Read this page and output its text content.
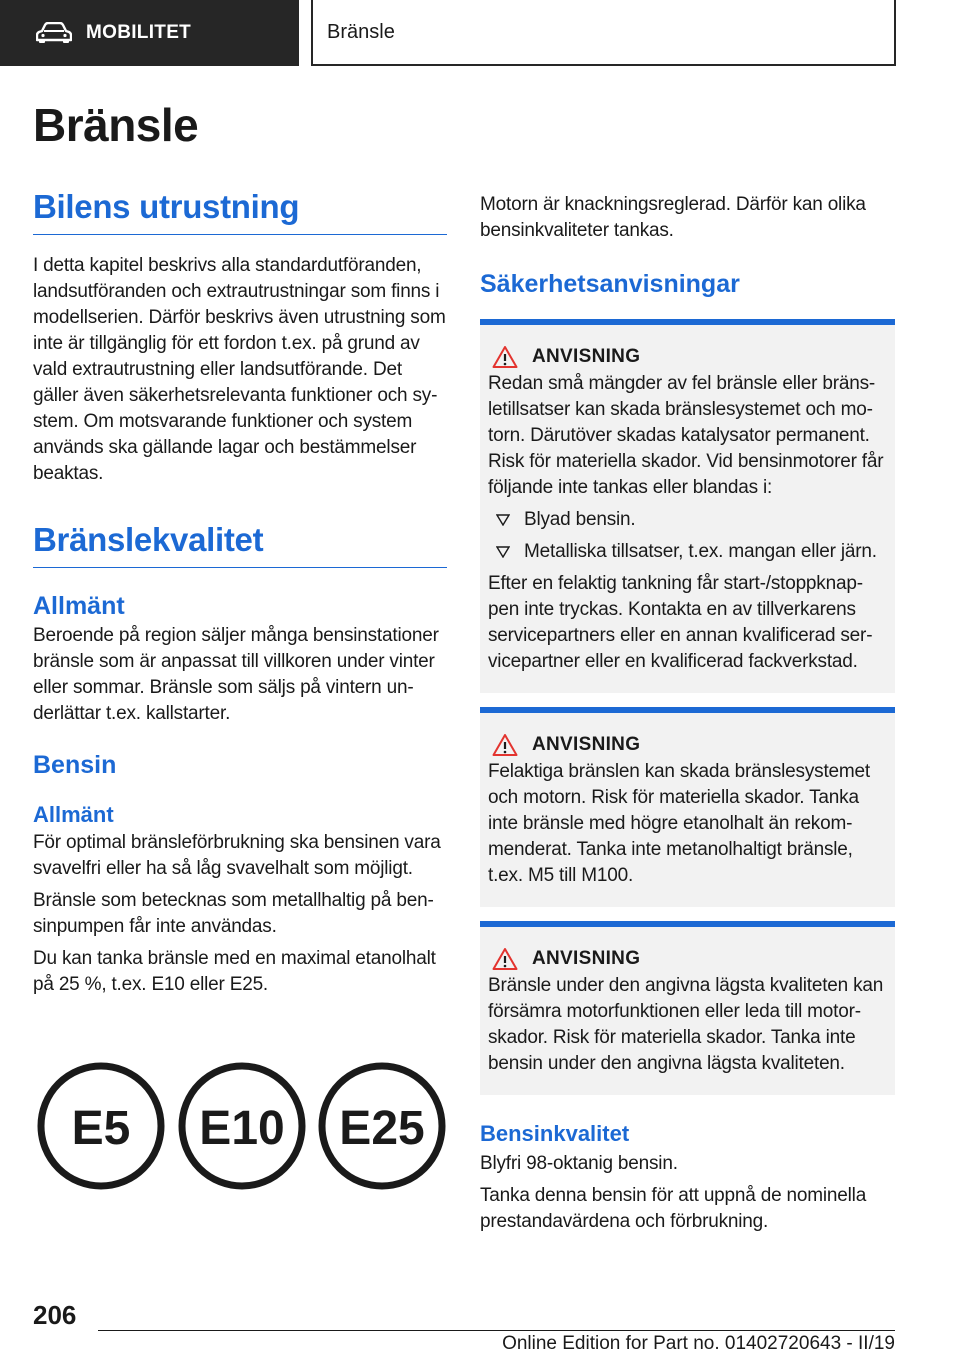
MOBILITET	Bränsle
Bränsle
Bilens utrustning
I detta kapitel beskrivs alla standardutföranden, landsutföranden och extrautrustningar som finns i modellserien. Därför beskrivs även utrustning som inte är tillgänglig för ett fordon t.ex. på grund av vald extrautrustning eller landsutförande. Det gäller även säkerhetsrelevanta funktioner och system. Om motsvarande funktioner och system används ska gällande lagar och bestämmelser beaktas.
Bränslekvalitet
Allmänt
Beroende på region säljer många bensinstationer bränsle som är anpassat till villkoren under vinter eller sommar. Bränsle som säljs på vintern underlättar t.ex. kallstarter.
Bensin
Allmänt
För optimal bränsleförbrukning ska bensinen vara svavelfri eller ha så låg svavelhalt som möjligt.
Bränsle som betecknas som metallhaltig på bensinpumpen får inte användas.
Du kan tanka bränsle med en maximal etanolhalt på 25 %, t.ex. E10 eller E25.
E5 E10 E25
Motorn är knackningsreglerad. Därför kan olika bensinkvaliteter tankas.
Säkerhetsanvisningar
ANVISNING
Redan små mängder av fel bränsle eller bränsletillsatser kan skada bränslesystemet och motorn. Därutöver skadas katalysator permanent. Risk för materiella skador. Vid bensinmotorer får följande inte tankas eller blandas i:
Blyad bensin.
Metalliska tillsatser, t.ex. mangan eller järn.
Efter en felaktig tankning får start-/stoppknappen inte tryckas. Kontakta en av tillverkarens servicepartners eller en annan kvalificerad servicepartner eller en kvalificerad fackverkstad.
ANVISNING
Felaktiga bränslen kan skada bränslesystemet och motorn. Risk för materiella skador. Tanka inte bränsle med högre etanolhalt än rekommenderat. Tanka inte metanolhaltigt bränsle, t.ex. M5 till M100.
ANVISNING
Bränsle under den angivna lägsta kvaliteten kan försämra motorfunktionen eller leda till motorskador. Risk för materiella skador. Tanka inte bensin under den angivna lägsta kvaliteten.
Bensinkvalitet
Blyfri 98-oktanig bensin.
Tanka denna bensin för att uppnå de nominella prestandavärdena och förbrukning.
206
Online Edition for Part no. 01402720643 - II/19
